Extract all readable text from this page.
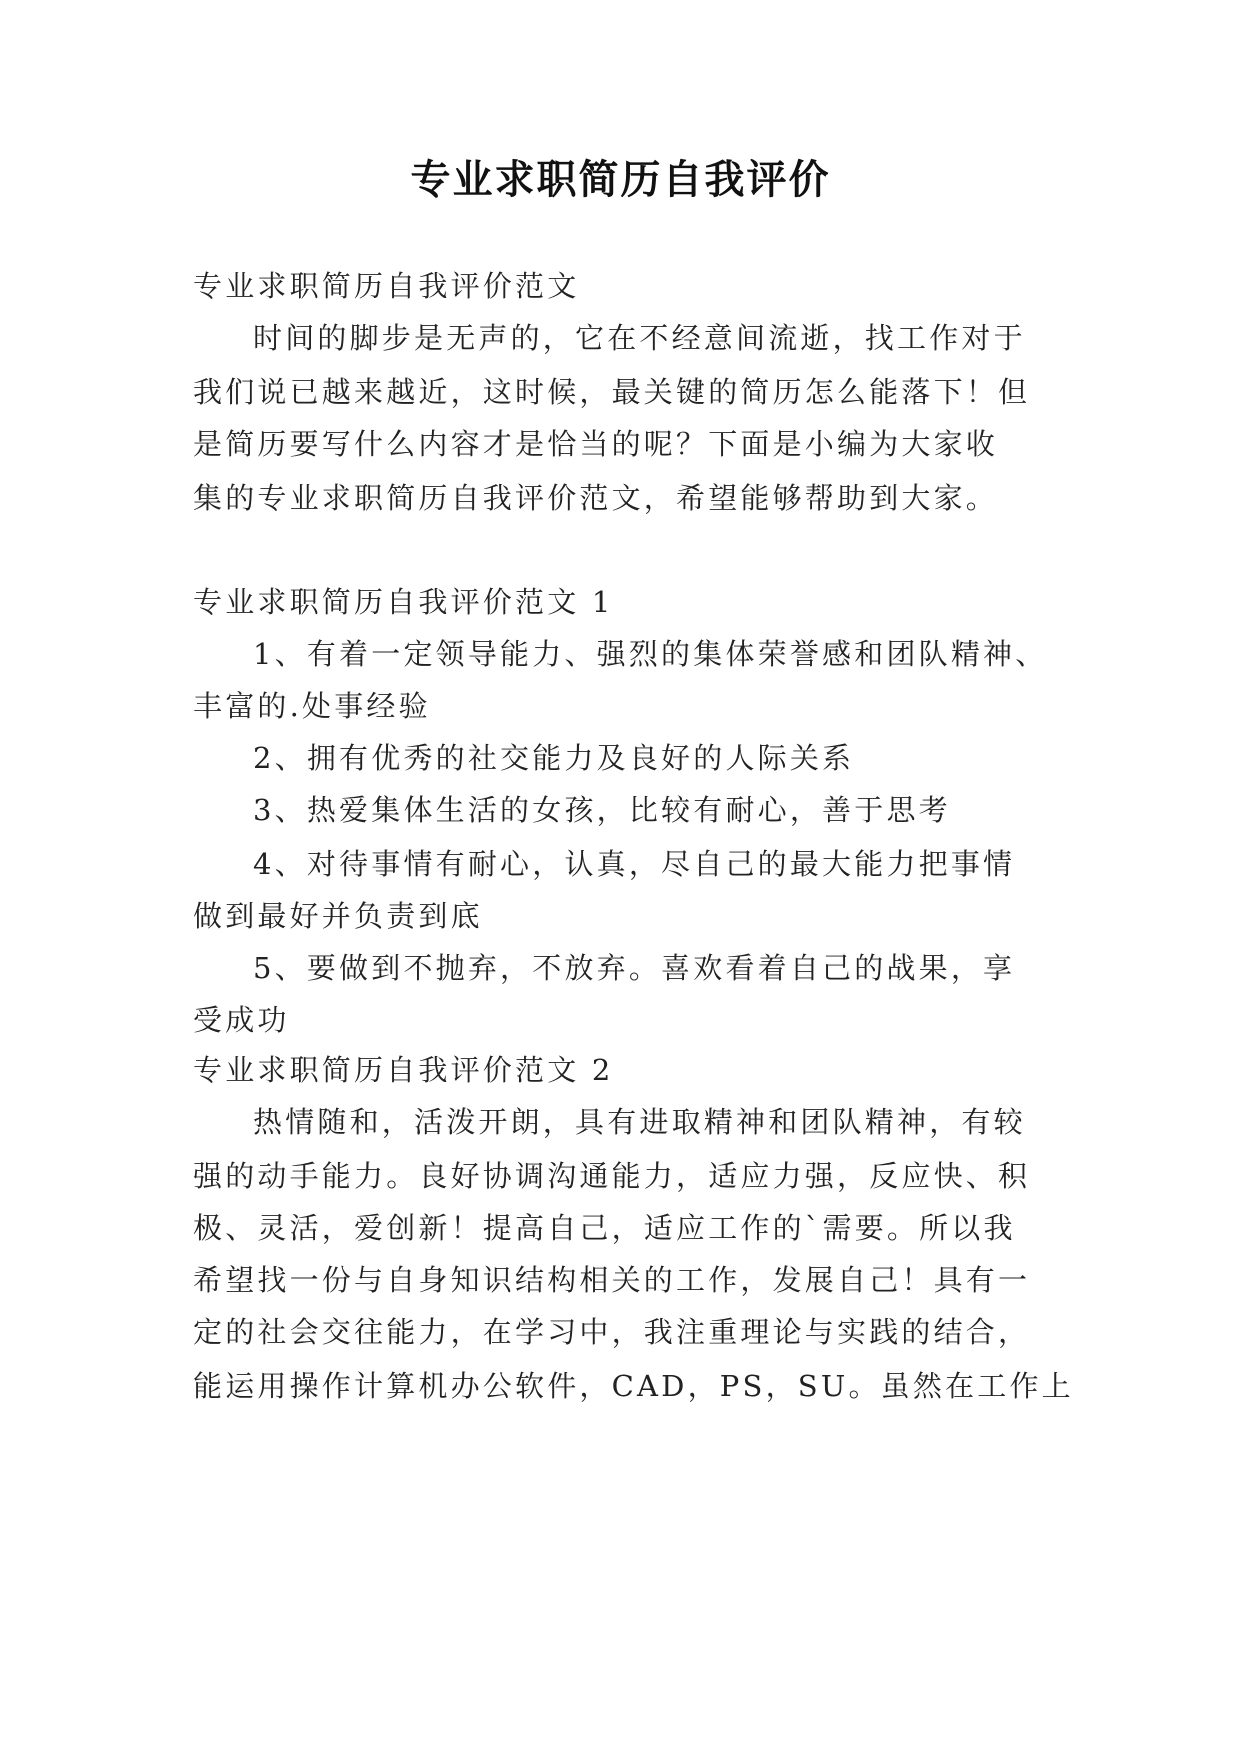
专业求职简历自我评价
专业求职简历自我评价范文
时间的脚步是无声的，它在不经意间流逝，找工作对于
我们说已越来越近，这时候，最关键的简历怎么能落下！但
是简历要写什么内容才是恰当的呢？下面是小编为大家收
集的专业求职简历自我评价范文，希望能够帮助到大家。
专业求职简历自我评价范文 1
1、有着一定领导能力、强烈的集体荣誉感和团队精神、
丰富的.处事经验
2、拥有优秀的社交能力及良好的人际关系
3、热爱集体生活的女孩，比较有耐心，善于思考
4、对待事情有耐心，认真，尽自己的最大能力把事情
做到最好并负责到底
5、要做到不抛弃，不放弃。喜欢看着自己的战果，享
受成功
专业求职简历自我评价范文 2
热情随和，活泼开朗，具有进取精神和团队精神，有较
强的动手能力。良好协调沟通能力，适应力强，反应快、积
极、灵活，爱创新！提高自己，适应工作的`需要。所以我
希望找一份与自身知识结构相关的工作，发展自己！具有一
定的社会交往能力，在学习中，我注重理论与实践的结合，
能运用操作计算机办公软件，CAD，PS，SU。虽然在工作上
